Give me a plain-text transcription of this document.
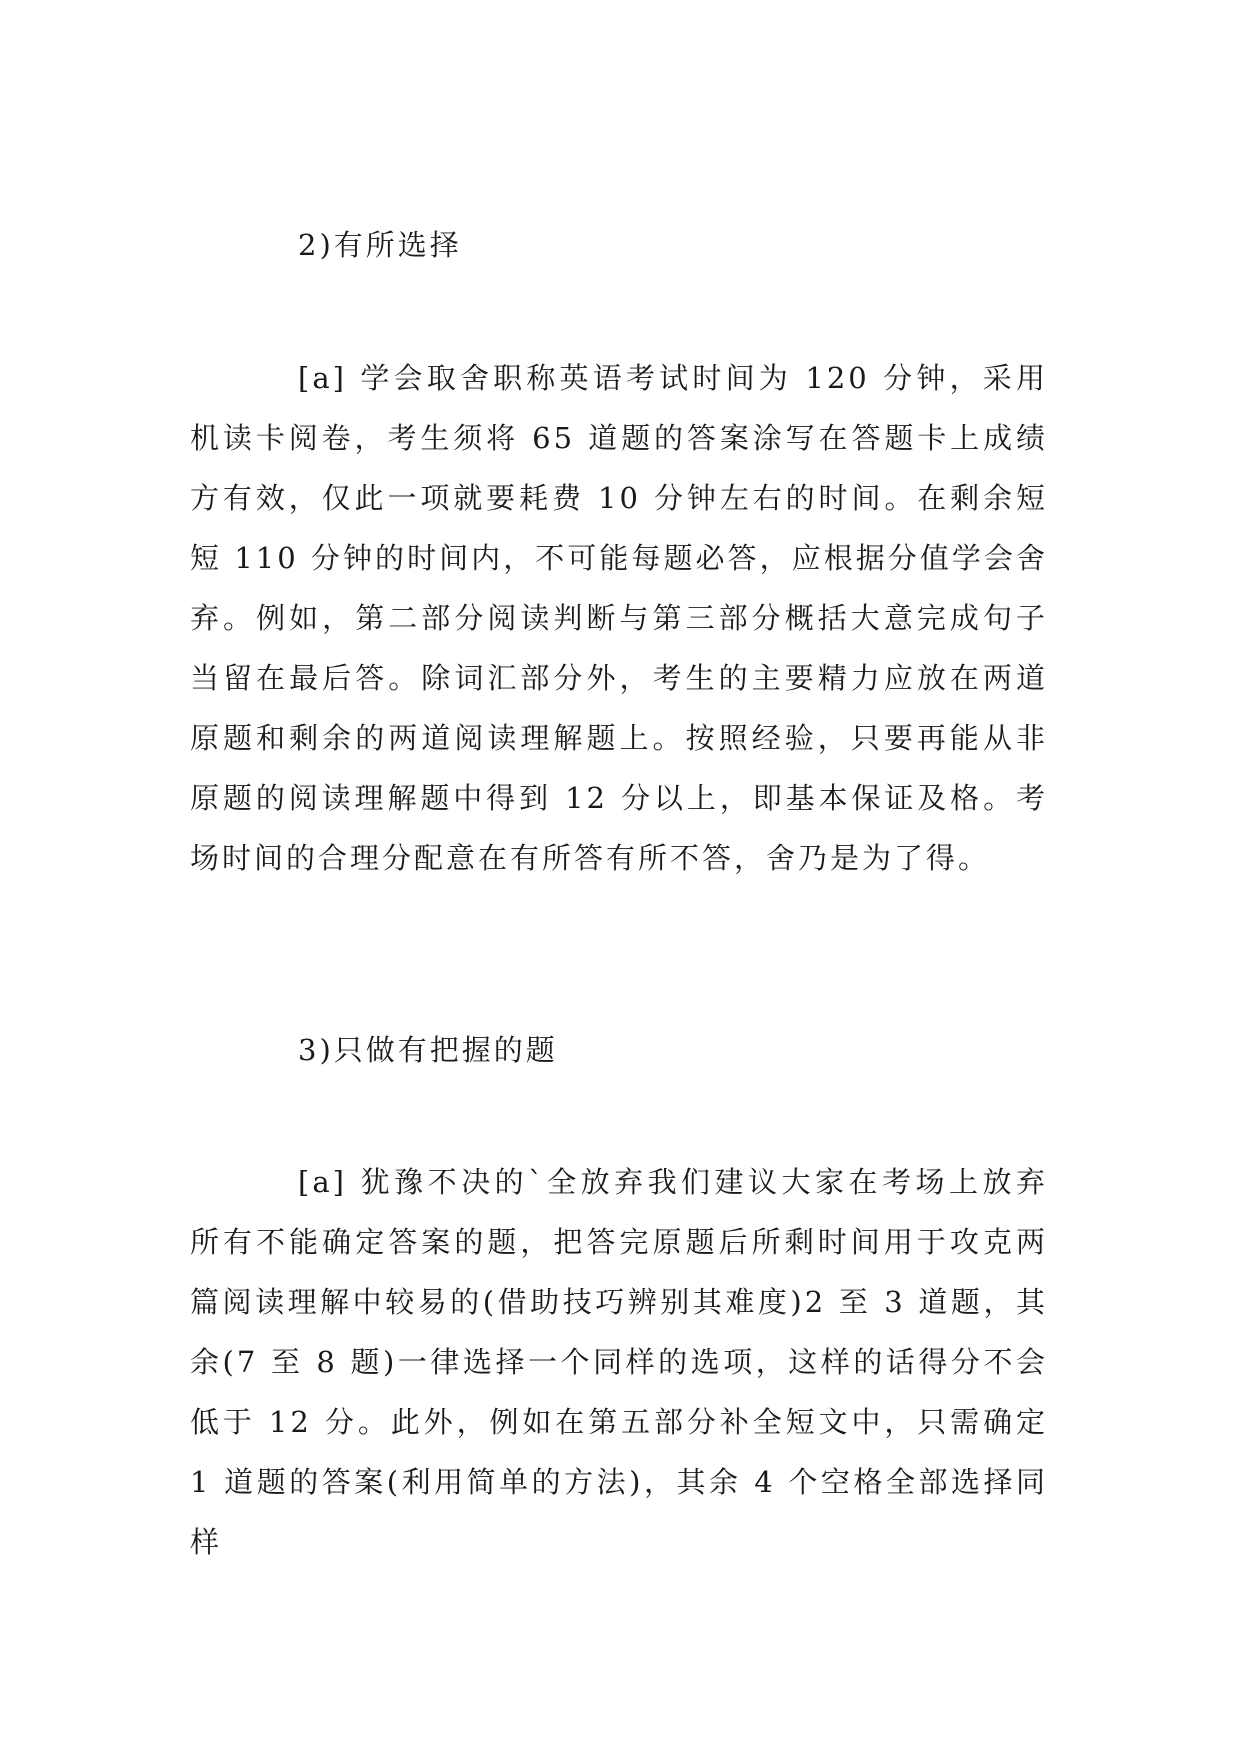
2)有所选择

[a] 学会取舍职称英语考试时间为 120 分钟，采用机读卡阅卷，考生须将 65 道题的答案涂写在答题卡上成绩方有效，仅此一项就要耗费 10 分钟左右的时间。在剩余短短 110 分钟的时间内，不可能每题必答，应根据分值学会舍弃。例如，第二部分阅读判断与第三部分概括大意完成句子当留在最后答。除词汇部分外，考生的主要精力应放在两道原题和剩余的两道阅读理解题上。按照经验，只要再能从非原题的阅读理解题中得到 12 分以上，即基本保证及格。考场时间的合理分配意在有所答有所不答，舍乃是为了得。

3)只做有把握的题

[a] 犹豫不决的`全放弃我们建议大家在考场上放弃所有不能确定答案的题，把答完原题后所剩时间用于攻克两篇阅读理解中较易的(借助技巧辨别其难度)2 至 3 道题，其余(7 至 8 题)一律选择一个同样的选项，这样的话得分不会低于 12 分。此外，例如在第五部分补全短文中，只需确定 1 道题的答案(利用简单的方法)，其余 4 个空格全部选择同样
